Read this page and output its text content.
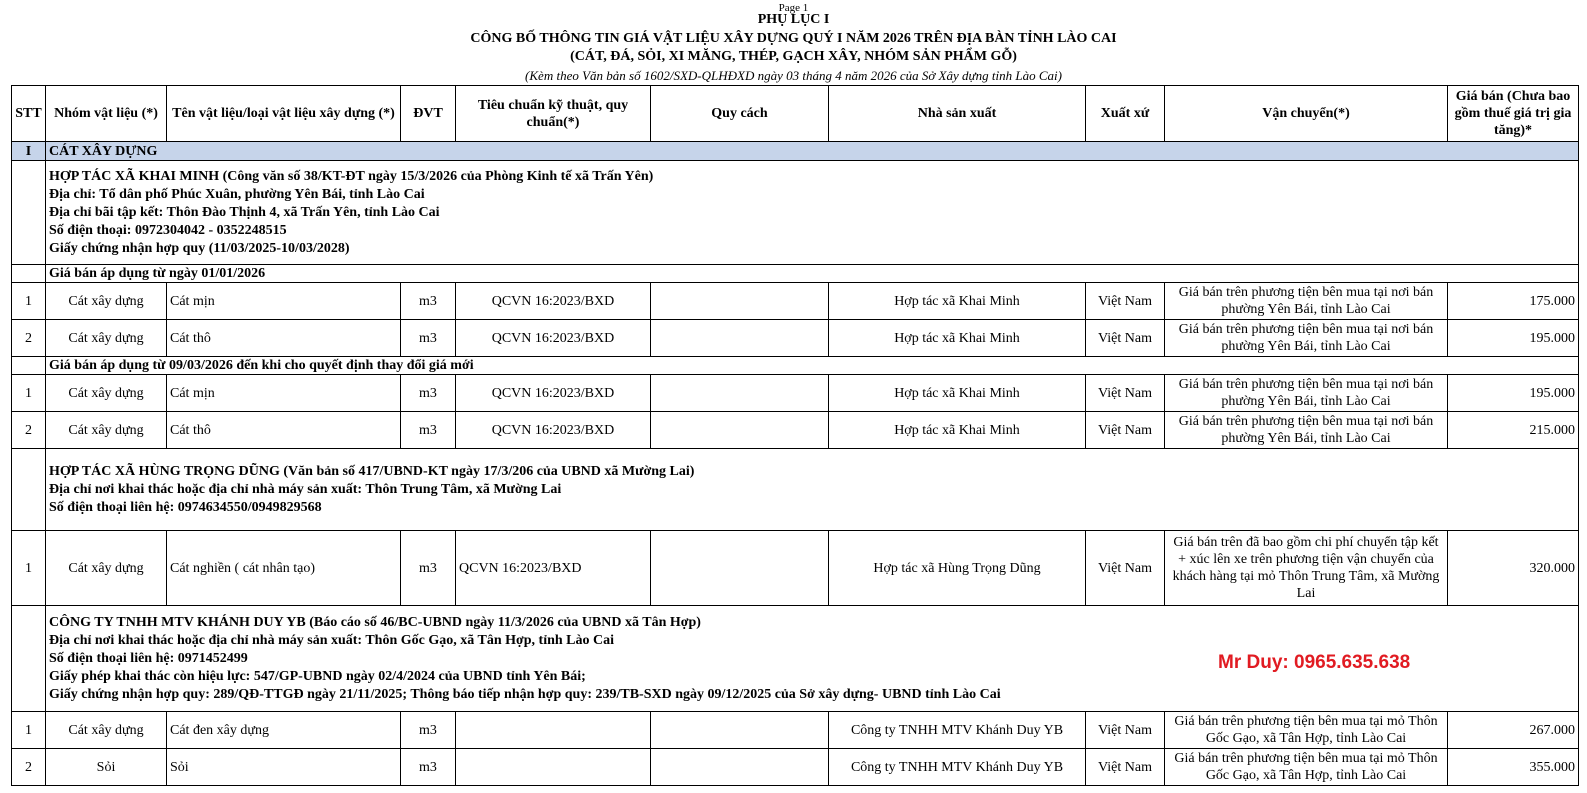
Page 1
PHỤ LỤC I
CÔNG BỐ THÔNG TIN GIÁ VẬT LIỆU XÂY DỰNG QUÝ I NĂM 2026 TRÊN ĐỊA BÀN TỈNH LÀO CAI
(CÁT, ĐÁ, SỎI, XI MĂNG, THÉP, GẠCH XÂY, NHÓM SẢN PHẨM GỖ)
(Kèm theo Văn bản số 1602/SXD-QLHĐXD ngày 03 tháng 4 năm 2026 của Sở Xây dựng tỉnh Lào Cai)
STT	Nhóm vật liệu (*)	Tên vật liệu/loại vật liệu xây dựng (*)	ĐVT	Tiêu chuẩn kỹ thuật, quy chuẩn(*)	Quy cách	Nhà sản xuất	Xuất xứ	Vận chuyển(*)	Giá bán (Chưa bao gồm thuế giá trị gia tăng)*
I	CÁT XÂY DỰNG								

	HỢP TÁC XÃ KHAI MINH (Công văn số 38/KT-ĐT ngày 15/3/2026 của Phòng Kinh tế xã Trấn Yên)
Địa chỉ: Tổ dân phố Phúc Xuân, phường Yên Bái, tỉnh Lào Cai
Địa chỉ bãi tập kết: Thôn Đào Thịnh 4, xã Trấn Yên, tỉnh Lào Cai
Số điện thoại: 0972304042 - 0352248515
Giấy chứng nhận hợp quy (11/03/2025-10/03/2028)								

	Giá bán áp dụng từ ngày 01/01/2026								
1	Cát xây dựng	Cát mịn	m3	QCVN 16:2023/BXD		Hợp tác xã Khai Minh	Việt Nam	Giá bán trên phương tiện bên mua tại nơi bán phường Yên Bái, tỉnh Lào Cai	175.000
2	Cát xây dựng	Cát thô	m3	QCVN 16:2023/BXD		Hợp tác xã Khai Minh	Việt Nam	Giá bán trên phương tiện bên mua tại nơi bán phường Yên Bái, tỉnh Lào Cai	195.000
	Giá bán áp dụng từ 09/03/2026 đến khi cho quyết định thay đổi giá mới								
1	Cát xây dựng	Cát mịn	m3	QCVN 16:2023/BXD		Hợp tác xã Khai Minh	Việt Nam	Giá bán trên phương tiện bên mua tại nơi bán phường Yên Bái, tỉnh Lào Cai	195.000
2	Cát xây dựng	Cát thô	m3	QCVN 16:2023/BXD		Hợp tác xã Khai Minh	Việt Nam	Giá bán trên phương tiện bên mua tại nơi bán phường Yên Bái, tỉnh Lào Cai	215.000

	HỢP TÁC XÃ HÙNG TRỌNG DŨNG (Văn bản số 417/UBND-KT ngày 17/3/206 của UBND xã Mường Lai)
Địa chỉ nơi khai thác hoặc địa chỉ nhà máy sản xuất: Thôn Trung Tâm, xã Mường Lai
Số điện thoại liên hệ: 0974634550/0949829568								

1	Cát xây dựng	Cát nghiền ( cát nhân tạo)	m3	QCVN 16:2023/BXD		Hợp tác xã Hùng Trọng Dũng	Việt Nam	Giá bán trên đã bao gồm chi phí chuyển tập kết + xúc lên xe trên phương tiện vận chuyển của khách hàng tại mỏ Thôn Trung Tâm, xã Mường Lai	320.000

	CÔNG TY TNHH MTV KHÁNH DUY YB (Báo cáo số 46/BC-UBND ngày 11/3/2026 của UBND xã Tân Hợp)
Địa chỉ nơi khai thác hoặc địa chỉ nhà máy sản xuất: Thôn Gốc Gạo, xã Tân Hợp, tỉnh Lào Cai
Số điện thoại liên hệ: 0971452499
Giấy phép khai thác còn hiệu lực: 547/GP-UBND ngày 02/4/2024 của UBND tỉnh Yên Bái;
Giấy chứng nhận hợp quy: 289/QĐ-TTGĐ ngày 21/11/2025; Thông báo tiếp nhận hợp quy: 239/TB-SXD ngày 09/12/2025 của Sở xây dựng- UBND tỉnh Lào Cai								

1	Cát xây dựng	Cát đen xây dựng	m3			Công ty TNHH MTV Khánh Duy YB	Việt Nam	Giá bán trên phương tiện bên mua tại mỏ Thôn Gốc Gạo, xã Tân Hợp, tỉnh Lào Cai	267.000
2	Sỏi	Sỏi	m3			Công ty TNHH MTV Khánh Duy YB	Việt Nam	Giá bán trên phương tiện bên mua tại mỏ Thôn Gốc Gạo, xã Tân Hợp, tỉnh Lào Cai	355.000
Mr Duy: 0965.635.638
